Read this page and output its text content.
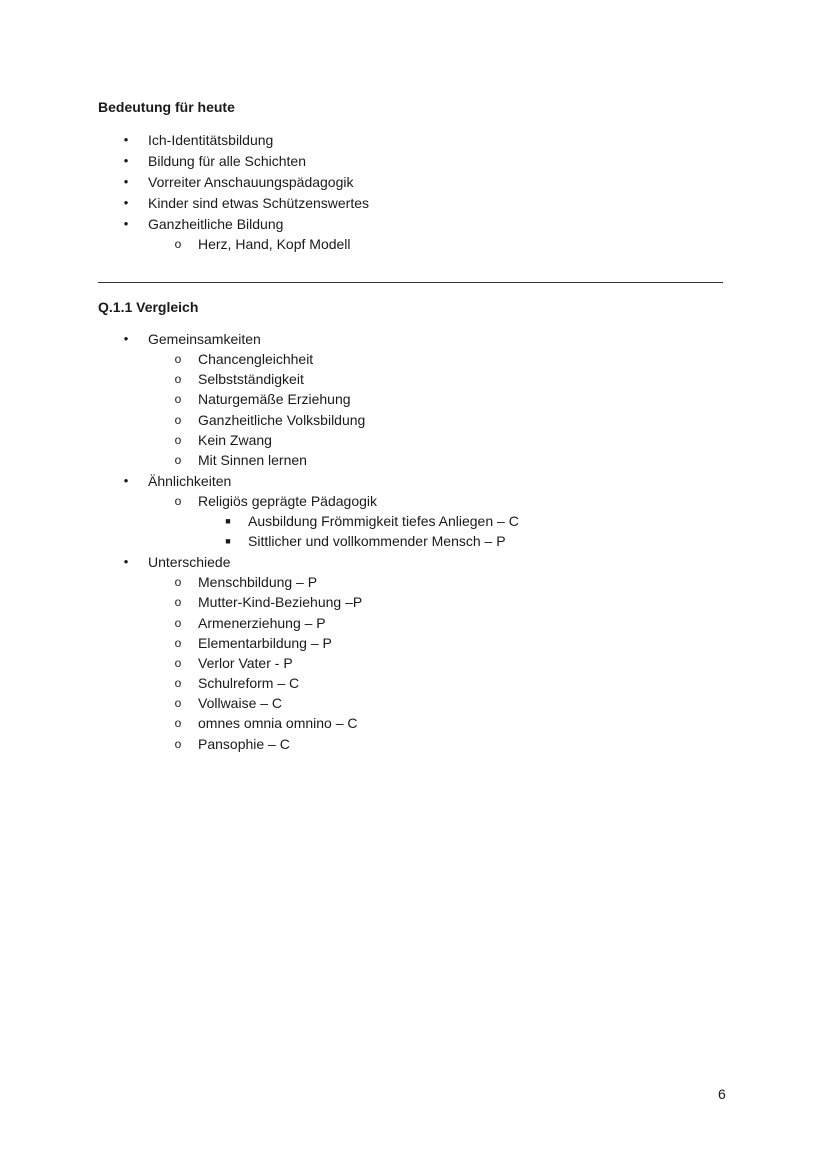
Bedeutung für heute
• Ich-Identitätsbildung
• Bildung für alle Schichten
• Vorreiter Anschauungspädagogik
• Kinder sind etwas Schützenswertes
• Ganzheitliche Bildung
o Herz, Hand, Kopf Modell
Q.1.1 Vergleich
• Gemeinsamkeiten
o Chancengleichheit
o Selbstständigkeit
o Naturgemäße Erziehung
o Ganzheitliche Volksbildung
o Kein Zwang
o Mit Sinnen lernen
• Ähnlichkeiten
o Religiös geprägte Pädagogik
■ Ausbildung Frömmigkeit tiefes Anliegen – C
■ Sittlicher und vollkommender Mensch – P
• Unterschiede
o Menschbildung – P
o Mutter-Kind-Beziehung –P
o Armenerziehung – P
o Elementarbildung – P
o Verlor Vater - P
o Schulreform – C
o Vollwaise – C
o omnes omnia omnino – C
o Pansophie – C
6
